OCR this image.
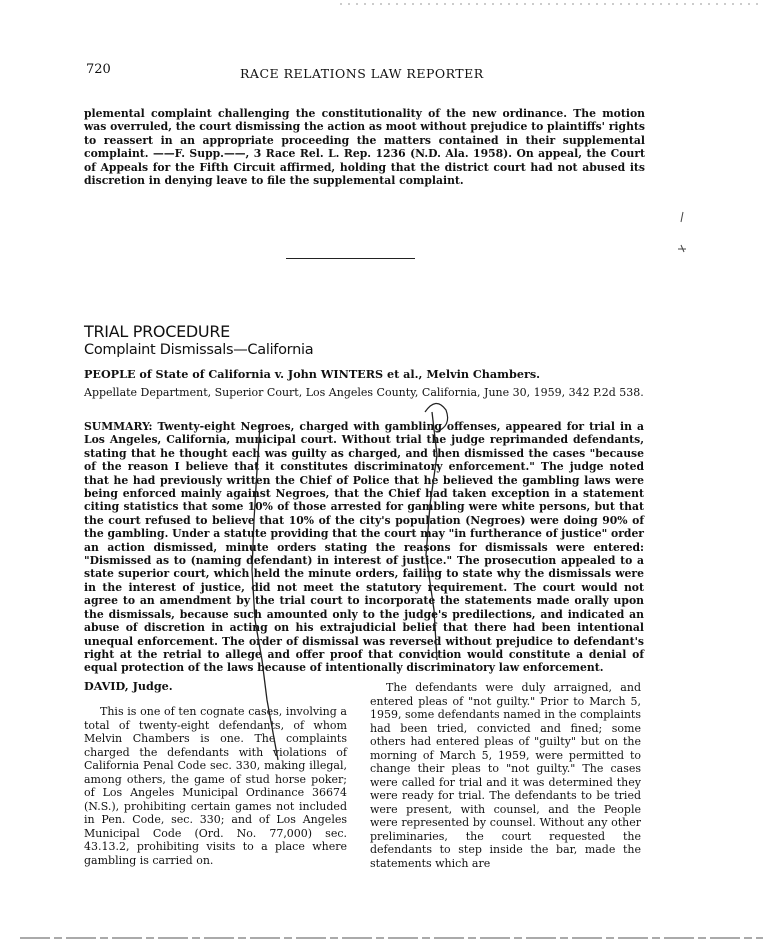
720	RACE RELATIONS LAW REPORTER
plemental complaint challenging the constitutionality of the new ordinance. The motion was overruled, the court dismissing the action as moot without prejudice to plaintiffs' rights to reassert in an appropriate proceeding the matters contained in their supplemental complaint. ——F. Supp.——, 3 Race Rel. L. Rep. 1236 (N.D. Ala. 1958). On appeal, the Court of Appeals for the Fifth Circuit affirmed, holding that the district court had not abused its discretion in denying leave to file the supplemental complaint.
TRIAL PROCEDURE
Complaint Dismissals—California
PEOPLE of State of California v. John WINTERS et al., Melvin Chambers.
Appellate Department, Superior Court, Los Angeles County, California, June 30, 1959, 342 P.2d 538.
SUMMARY: Twenty-eight Negroes, charged with gambling offenses, appeared for trial in a Los Angeles, California, municipal court. Without trial the judge reprimanded defendants, stating that he thought each was guilty as charged, and then dismissed the cases "because of the reason I believe that it constitutes discriminatory enforcement." The judge noted that he had previously written the Chief of Police that he believed the gambling laws were being enforced mainly against Negroes, that the Chief had taken exception in a statement citing statistics that some 10% of those arrested for gambling were white persons, but that the court refused to believe that 10% of the city's population (Negroes) were doing 90% of the gambling. Under a statute providing that the court may "in furtherance of justice" order an action dismissed, minute orders stating the reasons for dismissals were entered: "Dismissed as to (naming defendant) in interest of justice." The prosecution appealed to a state superior court, which held the minute orders, failing to state why the dismissals were in the interest of justice, did not meet the statutory requirement. The court would not agree to an amendment by the trial court to incorporate the statements made orally upon the dismissals, because such amounted only to the judge's predilections, and indicated an abuse of discretion in acting on his extrajudicial belief that there had been intentional unequal enforcement. The order of dismissal was reversed without prejudice to defendant's right at the retrial to allege and offer proof that conviction would constitute a denial of equal protection of the laws because of intentionally discriminatory law enforcement.
DAVID, Judge.
This is one of ten cognate cases, involving a total of twenty-eight defendants, of whom Melvin Chambers is one. The complaints charged the defendants with violations of California Penal Code sec. 330, making illegal, among others, the game of stud horse poker; of Los Angeles Municipal Ordinance 36674 (N.S.), prohibiting certain games not included in Pen. Code, sec. 330; and of Los Angeles Municipal Code (Ord. No. 77,000) sec. 43.13.2, prohibiting visits to a place where gambling is carried on.
The defendants were duly arraigned, and entered pleas of "not guilty." Prior to March 5, 1959, some defendants named in the complaints had been tried, convicted and fined; some others had entered pleas of "guilty" but on the morning of March 5, 1959, were permitted to change their pleas to "not guilty." The cases were called for trial and it was determined they were ready for trial. The defendants to be tried were present, with counsel, and the People were represented by counsel. Without any other preliminaries, the court requested the defendants to step inside the bar, made the statements which are
